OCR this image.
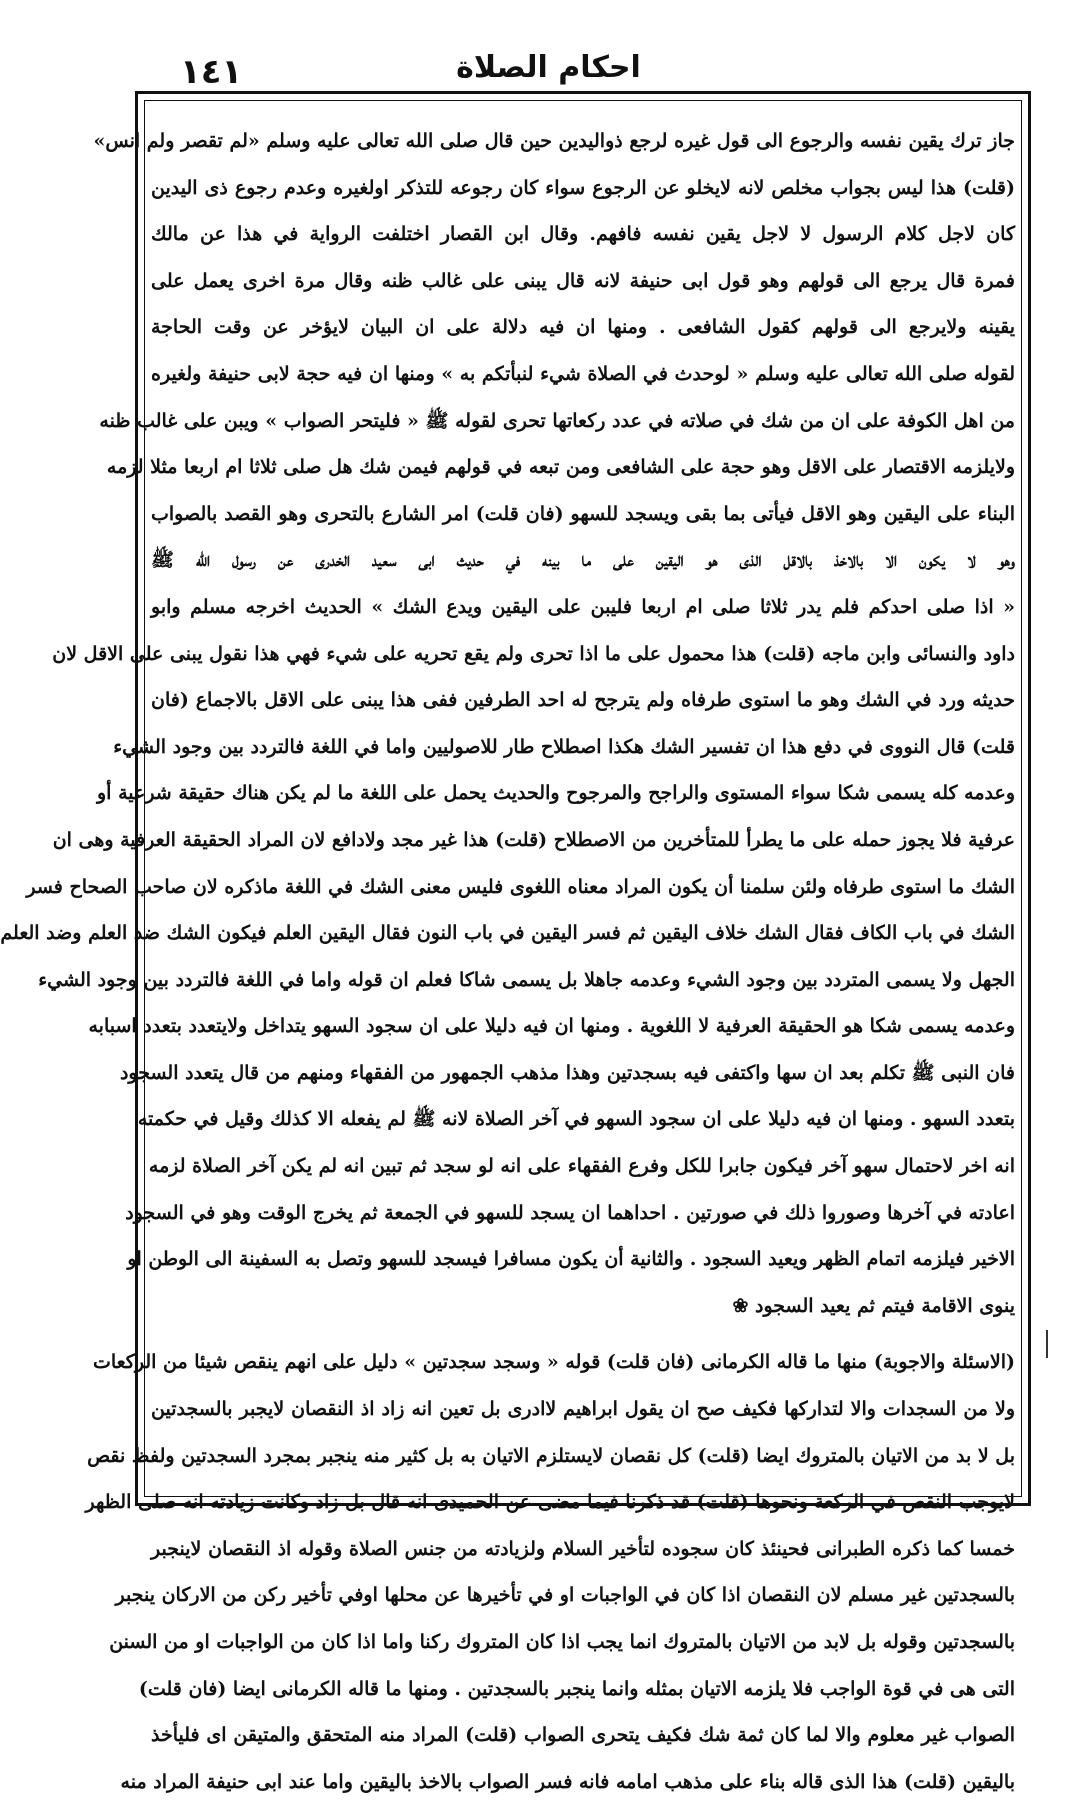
١٤١	احكام الصلاة
جاز ترك يقين نفسه والرجوع الى قول غيره لرجع ذواليدين حين قال صلى الله تعالى عليه وسلم «لم تقصر ولم انس»
(قلت) هذا ليس بجواب مخلص لانه لايخلو عن الرجوع سواء كان رجوعه للتذكر اولغيره وعدم رجوع ذى اليدين
كان لاجل كلام الرسول لا لاجل يقين نفسه فافهم. وقال ابن القصار اختلفت الرواية في هذا عن مالك
فمرة قال يرجع الى قولهم وهو قول ابى حنيفة لانه قال يبنى على غالب ظنه وقال مرة اخرى يعمل على
يقينه ولايرجع الى قولهم كقول الشافعى . ومنها ان فيه دلالة على ان البيان لايؤخر عن وقت الحاجة
لقوله صلى الله تعالى عليه وسلم « لوحدث في الصلاة شيء لنبأتكم به » ومنها ان فيه حجة لابى حنيفة ولغيره
من اهل الكوفة على ان من شك في صلاته في عدد ركعاتها تحرى لقوله ﷺ « فليتحر الصواب » ويبن على غالب ظنه
ولايلزمه الاقتصار على الاقل وهو حجة على الشافعى ومن تبعه في قولهم فيمن شك هل صلى ثلاثا ام اربعا مثلا لزمه
البناء على اليقين وهو الاقل فيأتى بما بقى ويسجد للسهو (فان قلت) امر الشارع بالتحرى وهو القصد بالصواب
وهو لا يكون الا بالاخذ بالاقل الذى هو اليقين على ما بينه في حديث ابى سعيد الخدرى عن رسول الله ﷺ
« اذا صلى احدكم فلم يدر ثلاثا صلى ام اربعا فليبن على اليقين ويدع الشك » الحديث اخرجه مسلم وابو
داود والنسائى وابن ماجه (قلت) هذا محمول على ما اذا تحرى ولم يقع تحريه على شيء فهي هذا نقول يبنى على الاقل لان
حديثه ورد في الشك وهو ما استوى طرفاه ولم يترجح له احد الطرفين ففى هذا يبنى على الاقل بالاجماع (فان
قلت) قال النووى في دفع هذا ان تفسير الشك هكذا اصطلاح طار للاصوليين واما في اللغة فالتردد بين وجود الشيء
وعدمه كله يسمى شكا سواء المستوى والراجح والمرجوح والحديث يحمل على اللغة ما لم يكن هناك حقيقة شرعية أو
عرفية فلا يجوز حمله على ما يطرأ للمتأخرين من الاصطلاح (قلت) هذا غير مجد ولادافع لان المراد الحقيقة العرفية وهى ان
الشك ما استوى طرفاه ولئن سلمنا أن يكون المراد معناه اللغوى فليس معنى الشك في اللغة ماذكره لان صاحب الصحاح فسر
الشك في باب الكاف فقال الشك خلاف اليقين ثم فسر اليقين في باب النون فقال اليقين العلم فيكون الشك ضد العلم وضد العلم
الجهل ولا يسمى المتردد بين وجود الشيء وعدمه جاهلا بل يسمى شاكا فعلم ان قوله واما في اللغة فالتردد بين وجود الشيء
وعدمه يسمى شكا هو الحقيقة العرفية لا اللغوية . ومنها ان فيه دليلا على ان سجود السهو يتداخل ولايتعدد بتعدد اسبابه
فان النبى ﷺ تكلم بعد ان سها واكتفى فيه بسجدتين وهذا مذهب الجمهور من الفقهاء ومنهم من قال يتعدد السجود
بتعدد السهو . ومنها ان فيه دليلا على ان سجود السهو في آخر الصلاة لانه ﷺ لم يفعله الا كذلك وقيل في حكمته
انه اخر لاحتمال سهو آخر فيكون جابرا للكل وفرع الفقهاء على انه لو سجد ثم تبين انه لم يكن آخر الصلاة لزمه
اعادته في آخرها وصوروا ذلك في صورتين . احداهما ان يسجد للسهو في الجمعة ثم يخرج الوقت وهو في السجود
الاخير فيلزمه اتمام الظهر ويعيد السجود . والثانية أن يكون مسافرا فيسجد للسهو وتصل به السفينة الى الوطن او
ينوى الاقامة فيتم ثم يعيد السجود ❀
(الاسئلة والاجوبة) منها ما قاله الكرمانى (فان قلت) قوله « وسجد سجدتين » دليل على انهم ينقص شيئا من الركعات
ولا من السجدات والا لتداركها فكيف صح ان يقول ابراهيم لاادرى بل تعين انه زاد اذ النقصان لايجبر بالسجدتين
بل لا بد من الاتيان بالمتروك ايضا (قلت) كل نقصان لايستلزم الاتيان به بل كثير منه ينجبر بمجرد السجدتين ولفظ نقص
لايوجب النقص في الركعة ونحوها (قلت) قد ذكرنا فيما مضى عن الحميدى انه قال بل زاد وكانت زيادته انه صلى الظهر
خمسا كما ذكره الطبرانى فحينئذ كان سجوده لتأخير السلام ولزيادته من جنس الصلاة وقوله اذ النقصان لاينجبر
بالسجدتين غير مسلم لان النقصان اذا كان في الواجبات او في تأخيرها عن محلها اوفي تأخير ركن من الاركان ينجبر
بالسجدتين وقوله بل لابد من الاتيان بالمتروك انما يجب اذا كان المتروك ركنا واما اذا كان من الواجبات او من السنن
التى هى في قوة الواجب فلا يلزمه الاتيان بمثله وانما ينجبر بالسجدتين . ومنها ما قاله الكرمانى ايضا (فان قلت)
الصواب غير معلوم والا لما كان ثمة شك فكيف يتحرى الصواب (قلت) المراد منه المتحقق والمتيقن اى فليأخذ
باليقين (قلت) هذا الذى قاله بناء على مذهب امامه فانه فسر الصواب بالاخذ باليقين واما عند ابى حنيفة المراد منه
